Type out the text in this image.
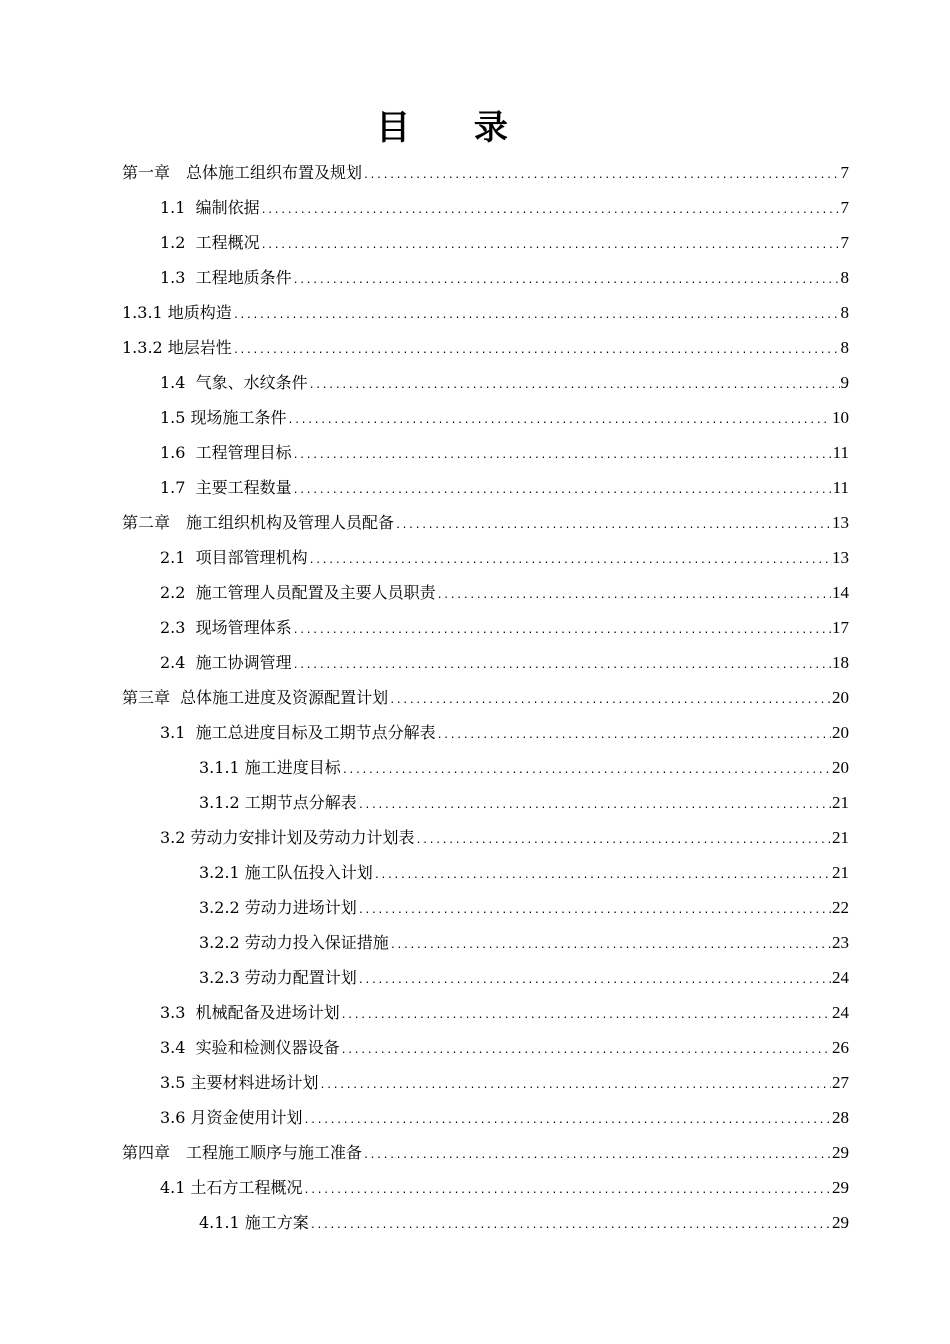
目 录
第一章　总体施工组织布置及规划 .....	7
1.1  编制依据 .....	7
1.2  工程概况 .....	7
1.3  工程地质条件 .....	8
1.3.1 地质构造 .....	8
1.3.2 地层岩性 .....	8
1.4  气象、水纹条件 .....	9
1.5 现场施工条件 .....	10
1.6  工程管理目标 .....	11
1.7  主要工程数量 .....	11
第二章　施工组织机构及管理人员配备 .....	13
2.1  项目部管理机构 .....	13
2.2  施工管理人员配置及主要人员职责 .....	14
2.3  现场管理体系 .....	17
2.4  施工协调管理 .....	18
第三章  总体施工进度及资源配置计划 .....	20
3.1  施工总进度目标及工期节点分解表 .....	20
3.1.1 施工进度目标 .....	20
3.1.2 工期节点分解表 .....	21
3.2 劳动力安排计划及劳动力计划表 .....	21
3.2.1 施工队伍投入计划 .....	21
3.2.2 劳动力进场计划 .....	22
3.2.2 劳动力投入保证措施 .....	23
3.2.3 劳动力配置计划 .....	24
3.3  机械配备及进场计划 .....	24
3.4  实验和检测仪器设备 .....	26
3.5 主要材料进场计划 .....	27
3.6 月资金使用计划 .....	28
第四章　工程施工顺序与施工准备 .....	29
4.1 土石方工程概况 .....	29
4.1.1 施工方案 .....	29
